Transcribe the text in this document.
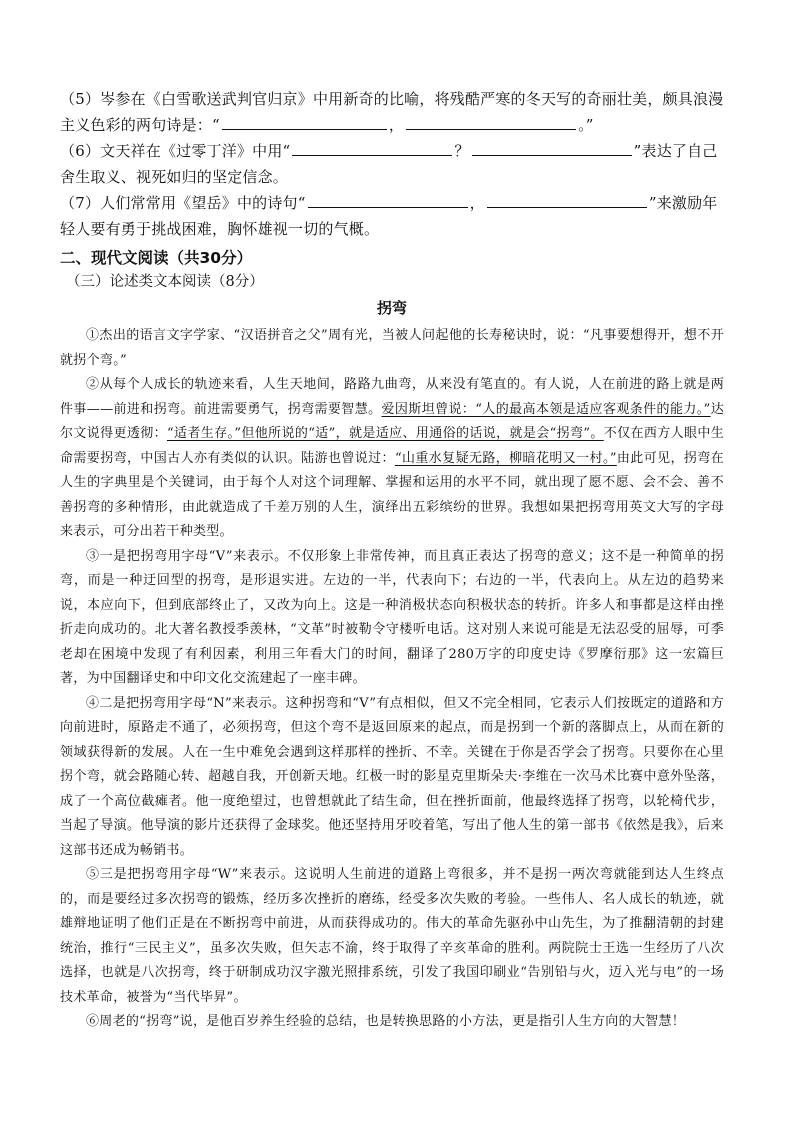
（5）岑参在《白雪歌送武判官归京》中用新奇的比喻，将残酷严寒的冬天写的奇丽壮美，颇具浪漫主义色彩的两句诗是：“	，	。”

（6）文天祥在《过零丁洋》中用“	？	”表达了自己舍生取义、视死如归的坚定信念。

（7）人们常常用《望岳》中的诗句“	，	”来激励年轻人要有勇于挑战困难，胸怀雄视一切的气概。

二、现代文阅读（共30分）

（三）论述类文本阅读（8分）

拐弯

①杰出的语言文字学家、“汉语拼音之父”周有光，当被人问起他的长寿秘诀时，说：“凡事要想得开，想不开就拐个弯。”

②从每个人成长的轨迹来看，人生天地间，路路九曲弯，从来没有笔直的。有人说，人在前进的路上就是两件事——前进和拐弯。前进需要勇气，拐弯需要智慧。爱因斯坦曾说：“人的最高本领是适应客观条件的能力。”达尔文说得更透彻：“适者生存。”但他所说的“适”，就是适应、用通俗的话说，就是会“拐弯”。不仅在西方人眼中生命需要拐弯，中国古人亦有类似的认识。陆游也曾说过：“山重水复疑无路，柳暗花明又一村。”由此可见，拐弯在人生的字典里是个关键词，由于每个人对这个词理解、掌握和运用的水平不同，就出现了愿不愿、会不会、善不善拐弯的多种情形，由此就造成了千差万别的人生，演绎出五彩缤纷的世界。我想如果把拐弯用英文大写的字母来表示，可分出若干种类型。

③一是把拐弯用字母“V”来表示。不仅形象上非常传神，而且真正表达了拐弯的意义；这不是一种简单的拐弯，而是一种迂回型的拐弯，是形退实进。左边的一半，代表向下；右边的一半，代表向上。从左边的趋势来说，本应向下，但到底部终止了，又改为向上。这是一种消极状态向积极状态的转折。许多人和事都是这样由挫折走向成功的。北大著名教授季羡林，“文革”时被勒令守楼听电话。这对别人来说可能是无法忍受的屈辱，可季老却在困境中发现了有利因素，利用三年看大门的时间，翻译了280万字的印度史诗《罗摩衍那》这一宏篇巨著，为中国翻译史和中印文化交流建起了一座丰碑。

④二是把拐弯用字母“N”来表示。这种拐弯和“V”有点相似，但又不完全相同，它表示人们按既定的道路和方向前进时，原路走不通了，必须拐弯，但这个弯不是返回原来的起点，而是拐到一个新的落脚点上，从而在新的领域获得新的发展。人在一生中难免会遇到这样那样的挫折、不幸。关键在于你是否学会了拐弯。只要你在心里拐个弯，就会路随心转、超越自我，开创新天地。红极一时的影星克里斯朵夫·李维在一次马术比赛中意外坠落，成了一个高位截瘫者。他一度绝望过，也曾想就此了结生命，但在挫折面前，他最终选择了拐弯，以轮椅代步，当起了导演。他导演的影片还获得了金球奖。他还坚持用牙咬着笔，写出了他人生的第一部书《依然是我》，后来这部书还成为畅销书。

⑤三是把拐弯用字母“W”来表示。这说明人生前进的道路上弯很多，并不是拐一两次弯就能到达人生终点的，而是要经过多次拐弯的锻炼，经历多次挫折的磨练，经受多次失败的考验。一些伟人、名人成长的轨迹，就雄辩地证明了他们正是在不断拐弯中前进，从而获得成功的。伟大的革命先驱孙中山先生，为了推翻清朝的封建统治，推行“三民主义”，虽多次失败，但矢志不渝，终于取得了辛亥革命的胜利。两院院士王选一生经历了八次选择，也就是八次拐弯，终于研制成功汉字激光照排系统，引发了我国印刷业“告别铅与火，迈入光与电”的一场技术革命，被誉为“当代毕昇”。

⑥周老的“拐弯”说，是他百岁养生经验的总结，也是转换思路的小方法，更是指引人生方向的大智慧！
